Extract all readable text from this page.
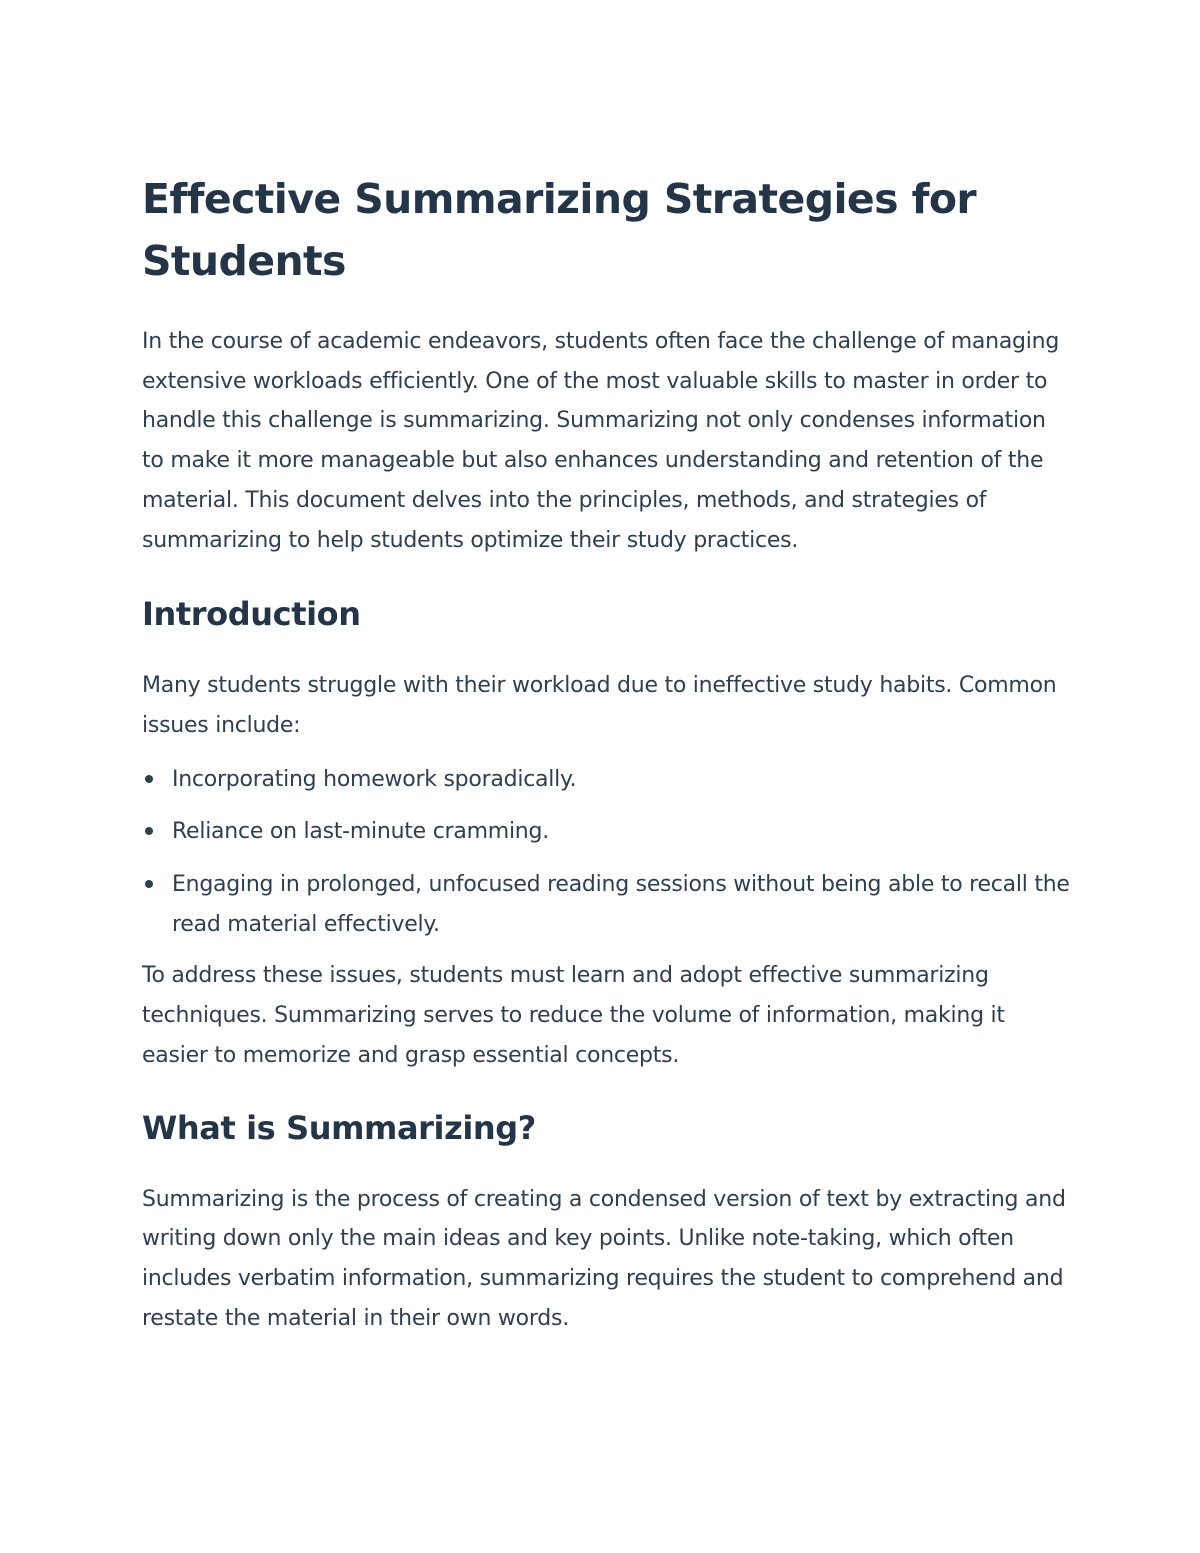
Effective Summarizing Strategies for Students

In the course of academic endeavors, students often face the challenge of managing extensive workloads efficiently. One of the most valuable skills to master in order to handle this challenge is summarizing. Summarizing not only condenses information to make it more manageable but also enhances understanding and retention of the material. This document delves into the principles, methods, and strategies of summarizing to help students optimize their study practices.

Introduction

Many students struggle with their workload due to ineffective study habits. Common issues include:

Incorporating homework sporadically.
Reliance on last-minute cramming.
Engaging in prolonged, unfocused reading sessions without being able to recall the read material effectively.

To address these issues, students must learn and adopt effective summarizing techniques. Summarizing serves to reduce the volume of information, making it easier to memorize and grasp essential concepts.

What is Summarizing?

Summarizing is the process of creating a condensed version of text by extracting and writing down only the main ideas and key points. Unlike note-taking, which often includes verbatim information, summarizing requires the student to comprehend and restate the material in their own words.
